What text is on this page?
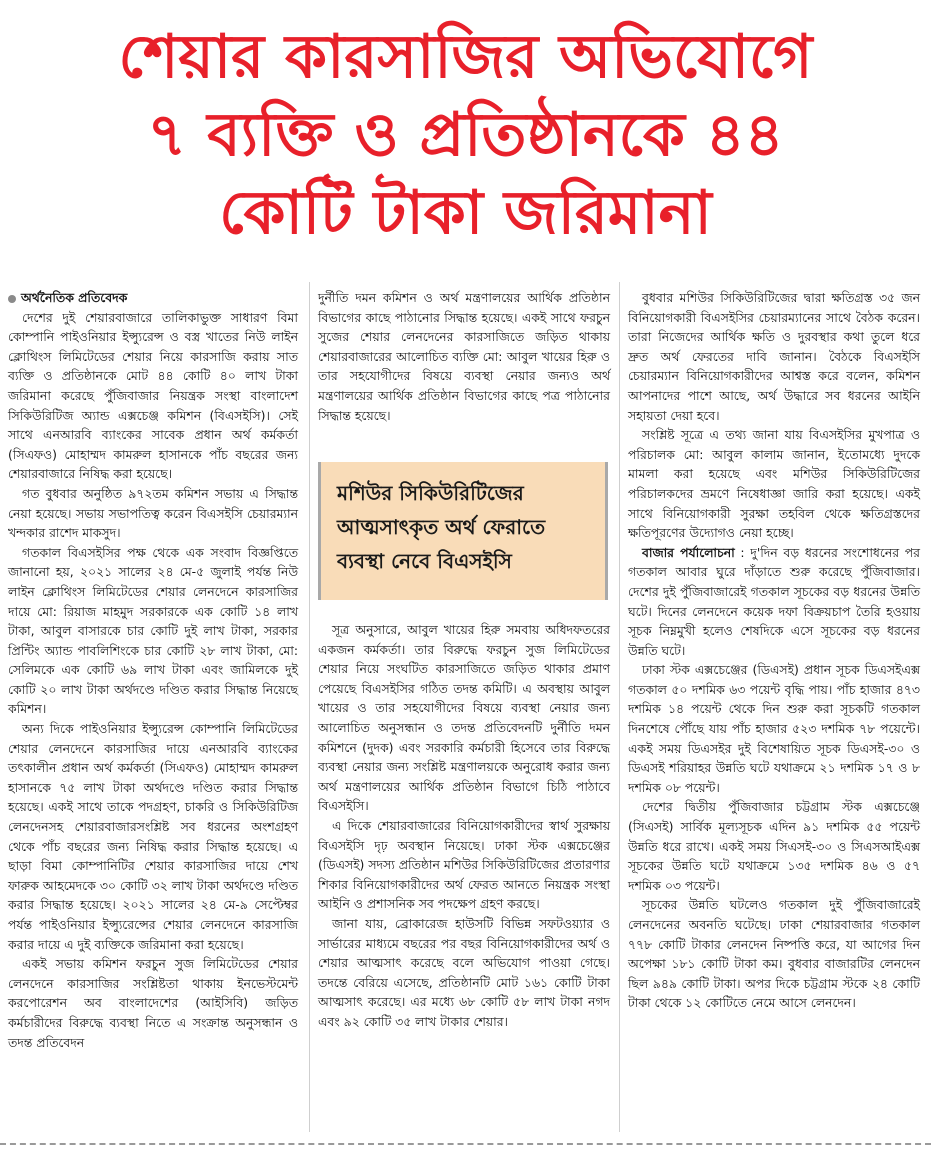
শেয়ার কারসাজির অভিযোগে
৭ ব্যক্তি ও প্রতিষ্ঠানকে ৪৪
কোটি টাকা জরিমানা

অর্থনৈতিক প্রতিবেদক

দেশের দুই শেয়ারবাজারে তালিকাভুক্ত সাধারণ বিমা কোম্পানি পাইওনিয়ার ইন্স্যুরেন্স ও বস্ত্র খাতের নিউ লাইন ক্লোথিংস লিমিটেডের শেয়ার নিয়ে কারসাজি করায় সাত ব্যক্তি ও প্রতিষ্ঠানকে মোট ৪৪ কোটি ৪০ লাখ টাকা জরিমানা করেছে পুঁজিবাজার নিয়ন্ত্রক সংস্থা বাংলাদেশ সিকিউরিটিজ অ্যান্ড এক্সচেঞ্জ কমিশন (বিএসইসি)। সেই সাথে এনআরবি ব্যাংকের সাবেক প্রধান অর্থ কর্মকর্তা (সিএফও) মোহাম্মদ কামরুল হাসানকে পাঁচ বছরের জন্য শেয়ারবাজারে নিষিদ্ধ করা হয়েছে।

গত বুধবার অনুষ্ঠিত ৯৭২তম কমিশন সভায় এ সিদ্ধান্ত নেয়া হয়েছে। সভায় সভাপতিত্ব করেন বিএসইসি চেয়ারম্যান খন্দকার রাশেদ মাকসুদ।

গতকাল বিএসইসির পক্ষ থেকে এক সংবাদ বিজ্ঞপ্তিতে জানানো হয়, ২০২১ সালের ২৪ মে-৫ জুলাই পর্যন্ত নিউ লাইন ক্লোথিংস লিমিটেডের শেয়ার লেনদেনে কারসাজির দায়ে মো: রিয়াজ মাহমুদ সরকারকে এক কোটি ১৪ লাখ টাকা, আবুল বাসারকে চার কোটি দুই লাখ টাকা, সরকার প্রিন্টিং অ্যান্ড পাবলিশিংকে চার কোটি ২৮ লাখ টাকা, মো: সেলিমকে এক কোটি ৬৯ লাখ টাকা এবং জামিলকে দুই কোটি ২০ লাখ টাকা অর্থদণ্ডে দণ্ডিত করার সিদ্ধান্ত নিয়েছে কমিশন।

অন্য দিকে পাইওনিয়ার ইন্স্যুরেন্স কোম্পানি লিমিটেডের শেয়ার লেনদেনে কারসাজির দায়ে এনআরবি ব্যাংকের তৎকালীন প্রধান অর্থ কর্মকর্তা (সিএফও) মোহাম্মদ কামরুল হাসানকে ৭৫ লাখ টাকা অর্থদণ্ডে দণ্ডিত করার সিদ্ধান্ত হয়েছে। একই সাথে তাকে পদগ্রহণ, চাকরি ও সিকিউরিটিজ লেনদেনসহ শেয়ারবাজারসংশ্লিষ্ট সব ধরনের অংশগ্রহণ থেকে পাঁচ বছরের জন্য নিষিদ্ধ করার সিদ্ধান্ত হয়েছে। এ ছাড়া বিমা কোম্পানিটির শেয়ার কারসাজির দায়ে শেখ ফারুক আহমেদকে ৩০ কোটি ৩২ লাখ টাকা অর্থদণ্ডে দণ্ডিত করার সিদ্ধান্ত হয়েছে। ২০২১ সালের ২৪ মে-৯ সেপ্টেম্বর পর্যন্ত পাইওনিয়ার ইন্স্যুরেন্সের শেয়ার লেনদেনে কারসাজি করার দায়ে এ দুই ব্যক্তিকে জরিমানা করা হয়েছে।

একই সভায় কমিশন ফরচুন সুজ লিমিটেডের শেয়ার লেনদেনে কারসাজির সংশ্লিষ্টতা থাকায় ইনভেস্টমেন্ট করপোরেশন অব বাংলাদেশের (আইসিবি) জড়িত কর্মচারীদের বিরুদ্ধে ব্যবস্থা নিতে এ সংক্রান্ত অনুসন্ধান ও তদন্ত প্রতিবেদন

দুর্নীতি দমন কমিশন ও অর্থ মন্ত্রণালয়ের আর্থিক প্রতিষ্ঠান বিভাগের কাছে পাঠানোর সিদ্ধান্ত হয়েছে। একই সাথে ফরচুন সুজের শেয়ার লেনদেনের কারসাজিতে জড়িত থাকায় শেয়ারবাজারের আলোচিত ব্যক্তি মো: আবুল খায়ের হিরু ও তার সহযোগীদের বিষয়ে ব্যবস্থা নেয়ার জন্যও অর্থ মন্ত্রণালয়ের আর্থিক প্রতিষ্ঠান বিভাগের কাছে পত্র পাঠানোর সিদ্ধান্ত হয়েছে।

মশিউর সিকিউরিটিজের
আত্মসাৎকৃত অর্থ ফেরাতে
ব্যবস্থা নেবে বিএসইসি

সূত্র অনুসারে, আবুল খায়ের হিরু সমবায় অধিদফতরের একজন কর্মকর্তা। তার বিরুদ্ধে ফরচুন সুজ লিমিটেডের শেয়ার নিয়ে সংঘটিত কারসাজিতে জড়িত থাকার প্রমাণ পেয়েছে বিএসইসির গঠিত তদন্ত কমিটি। এ অবস্থায় আবুল খায়ের ও তার সহযোগীদের বিষয়ে ব্যবস্থা নেয়ার জন্য আলোচিত অনুসন্ধান ও তদন্ত প্রতিবেদনটি দুর্নীতি দমন কমিশনে (দুদক) এবং সরকারি কর্মচারী হিসেবে তার বিরুদ্ধে ব্যবস্থা নেয়ার জন্য সংশ্লিষ্ট মন্ত্রণালয়কে অনুরোধ করার জন্য অর্থ মন্ত্রণালয়ের আর্থিক প্রতিষ্ঠান বিভাগে চিঠি পাঠাবে বিএসইসি।

এ দিকে শেয়ারবাজারের বিনিয়োগকারীদের স্বার্থ সুরক্ষায় বিএসইসি দৃঢ় অবস্থান নিয়েছে। ঢাকা স্টক এক্সচেঞ্জের (ডিএসই) সদস্য প্রতিষ্ঠান মশিউর সিকিউরিটিজের প্রতারণার শিকার বিনিয়োগকারীদের অর্থ ফেরত আনতে নিয়ন্ত্রক সংস্থা আইনি ও প্রশাসনিক সব পদক্ষেপ গ্রহণ করছে।

জানা যায়, ব্রোকারেজ হাউসটি বিভিন্ন সফটওয়্যার ও সার্ভারের মাধ্যমে বছরের পর বছর বিনিয়োগকারীদের অর্থ ও শেয়ার আত্মসাৎ করেছে বলে অভিযোগ পাওয়া গেছে। তদন্তে বেরিয়ে এসেছে, প্রতিষ্ঠানটি মোট ১৬১ কোটি টাকা আত্মসাৎ করেছে। এর মধ্যে ৬৮ কোটি ৫৮ লাখ টাকা নগদ এবং ৯২ কোটি ৩৫ লাখ টাকার শেয়ার।

বুধবার মশিউর সিকিউরিটিজের দ্বারা ক্ষতিগ্রস্ত ৩৫ জন বিনিয়োগকারী বিএসইসির চেয়ারম্যানের সাথে বৈঠক করেন। তারা নিজেদের আর্থিক ক্ষতি ও দুরবস্থার কথা তুলে ধরে দ্রুত অর্থ ফেরতের দাবি জানান। বৈঠকে বিএসইসি চেয়ারম্যান বিনিয়োগকারীদের আশ্বস্ত করে বলেন, কমিশন আপনাদের পাশে আছে, অর্থ উদ্ধারে সব ধরনের আইনি সহায়তা দেয়া হবে।

সংশ্লিষ্ট সূত্রে এ তথ্য জানা যায় বিএসইসির মুখপাত্র ও পরিচালক মো: আবুল কালাম জানান, ইতোমধ্যে দুদকে মামলা করা হয়েছে এবং মশিউর সিকিউরিটিজের পরিচালকদের ভ্রমণে নিষেধাজ্ঞা জারি করা হয়েছে। একই সাথে বিনিয়োগকারী সুরক্ষা তহবিল থেকে ক্ষতিগ্রস্তদের ক্ষতিপূরণের উদ্যোগও নেয়া হচ্ছে।

বাজার পর্যালোচনা : দু'দিন বড় ধরনের সংশোধনের পর গতকাল আবার ঘুরে দাঁড়াতে শুরু করেছে পুঁজিবাজার। দেশের দুই পুঁজিবাজারেই গতকাল সূচকের বড় ধরনের উন্নতি ঘটে। দিনের লেনদেনে কয়েক দফা বিক্রয়চাপ তৈরি হওয়ায় সূচক নিম্নমুখী হলেও শেষদিকে এসে সূচকের বড় ধরনের উন্নতি ঘটে।

ঢাকা স্টক এক্সচেঞ্জের (ডিএসই) প্রধান সূচক ডিএসইএক্স গতকাল ৫০ দশমিক ৬৩ পয়েন্ট বৃদ্ধি পায়। পাঁচ হাজার ৪৭৩ দশমিক ১৪ পয়েন্ট থেকে দিন শুরু করা সূচকটি গতকাল দিনশেষে পৌঁছে যায় পাঁচ হাজার ৫২৩ দশমিক ৭৮ পয়েন্টে। একই সময় ডিএসইর দুই বিশেষায়িত সূচক ডিএসই-৩০ ও ডিএসই শরিয়াহর উন্নতি ঘটে যথাক্রমে ২১ দশমিক ১৭ ও ৮ দশমিক ০৮ পয়েন্ট।

দেশের দ্বিতীয় পুঁজিবাজার চট্টগ্রাম স্টক এক্সচেঞ্জে (সিএসই) সার্বিক মূল্যসূচক এদিন ৯১ দশমিক ৫৫ পয়েন্ট উন্নতি ধরে রাখে। একই সময় সিএসই-৩০ ও সিএসআইএক্স সূচকের উন্নতি ঘটে যথাক্রমে ১৩৫ দশমিক ৪৬ ও ৫৭ দশমিক ০৩ পয়েন্ট।

সূচকের উন্নতি ঘটলেও গতকাল দুই পুঁজিবাজারেই লেনদেনের অবনতি ঘটেছে। ঢাকা শেয়ারবাজার গতকাল ৭৭৮ কোটি টাকার লেনদেন নিষ্পত্তি করে, যা আগের দিন অপেক্ষা ১৮১ কোটি টাকা কম। বুধবার বাজারটির লেনদেন ছিল ৯৪৯ কোটি টাকা। অপর দিকে চট্টগ্রাম স্টকে ২৪ কোটি টাকা থেকে ১২ কোটিতে নেমে আসে লেনদেন।
